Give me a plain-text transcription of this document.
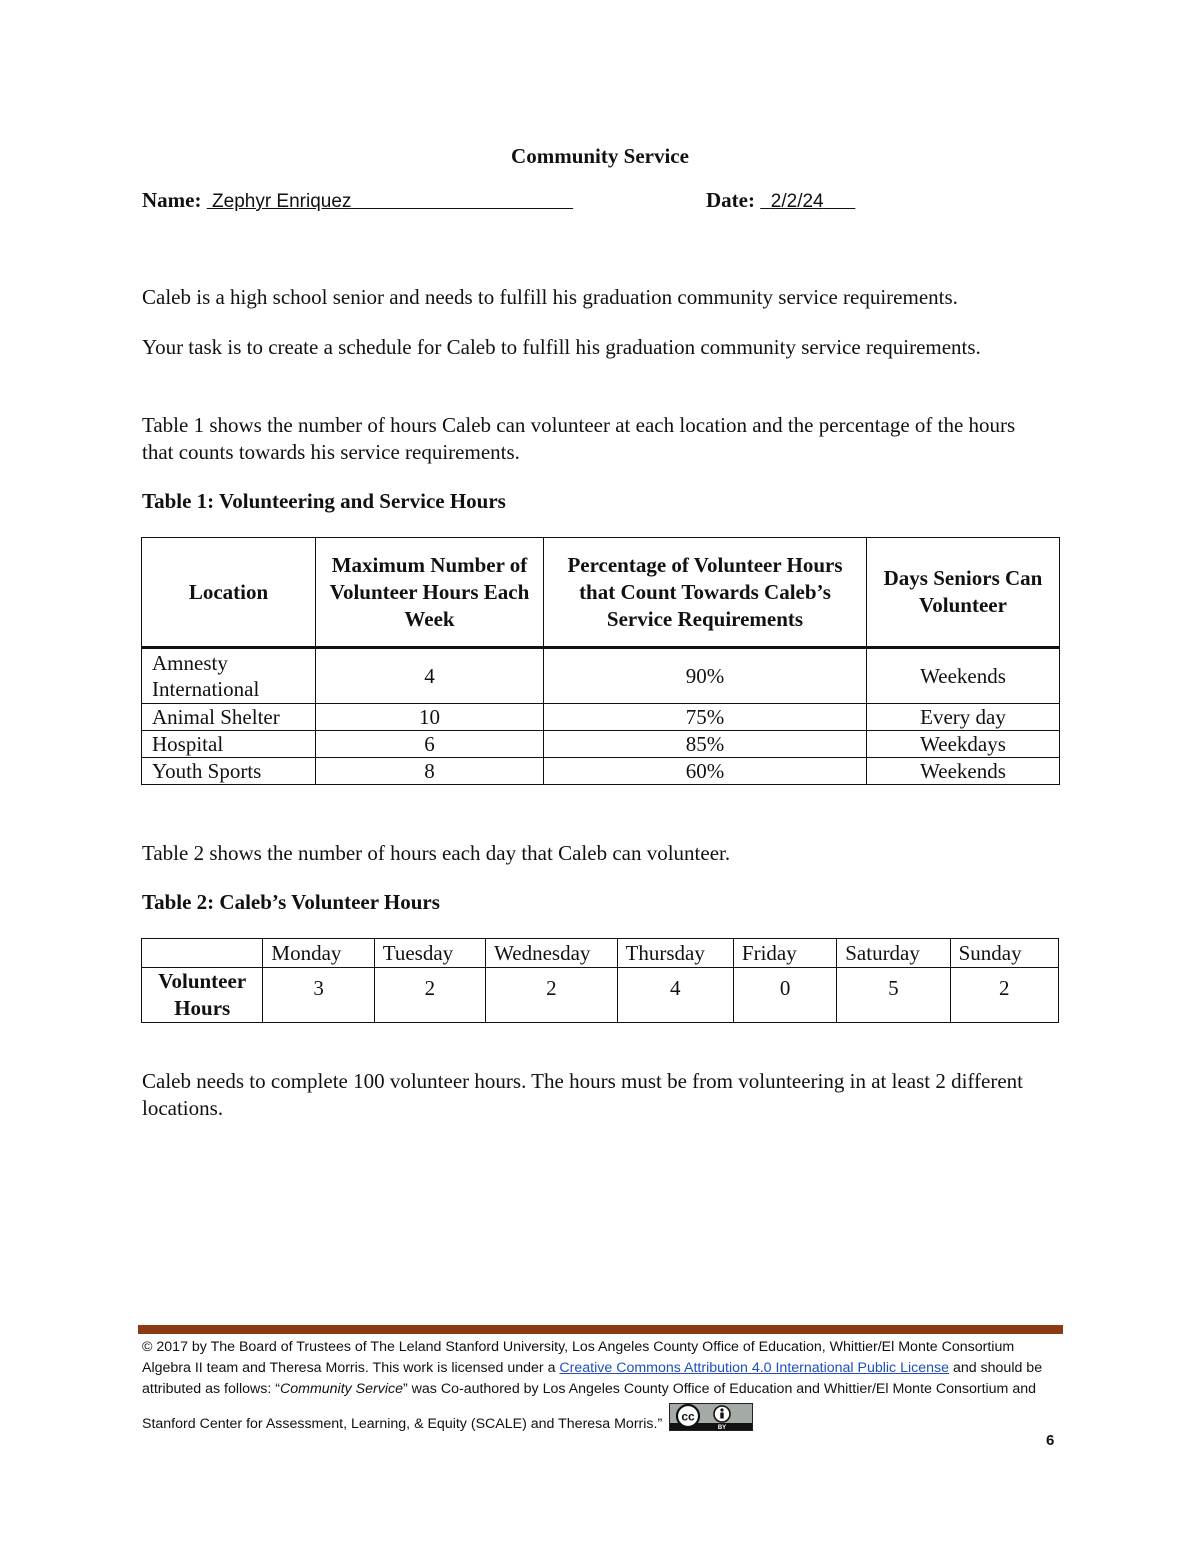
Community Service
Name: Zephyr Enriquez	Date: 2/2/24
Caleb is a high school senior and needs to fulfill his graduation community service requirements.
Your task is to create a schedule for Caleb to fulfill his graduation community service requirements.
Table 1 shows the number of hours Caleb can volunteer at each location and the percentage of the hours that counts towards his service requirements.
Table 1: Volunteering and Service Hours
Location	Maximum Number of Volunteer Hours Each Week	Percentage of Volunteer Hours that Count Towards Caleb’s Service Requirements	Days Seniors Can Volunteer
Amnesty International	4	90%	Weekends
Animal Shelter	10	75%	Every day
Hospital	6	85%	Weekdays
Youth Sports	8	60%	Weekends
Table 2 shows the number of hours each day that Caleb can volunteer.
Table 2: Caleb’s Volunteer Hours
	Monday	Tuesday	Wednesday	Thursday	Friday	Saturday	Sunday
Volunteer Hours	3	2	2	4	0	5	2
Caleb needs to complete 100 volunteer hours. The hours must be from volunteering in at least 2 different locations.
© 2017 by The Board of Trustees of The Leland Stanford University, Los Angeles County Office of Education, Whittier/El Monte Consortium Algebra II team and Theresa Morris. This work is licensed under a Creative Commons Attribution 4.0 International Public License and should be attributed as follows: “Community Service” was Co-authored by Los Angeles County Office of Education and Whittier/El Monte Consortium and Stanford Center for Assessment, Learning, & Equity (SCALE) and Theresa Morris.” cc
BY
6
